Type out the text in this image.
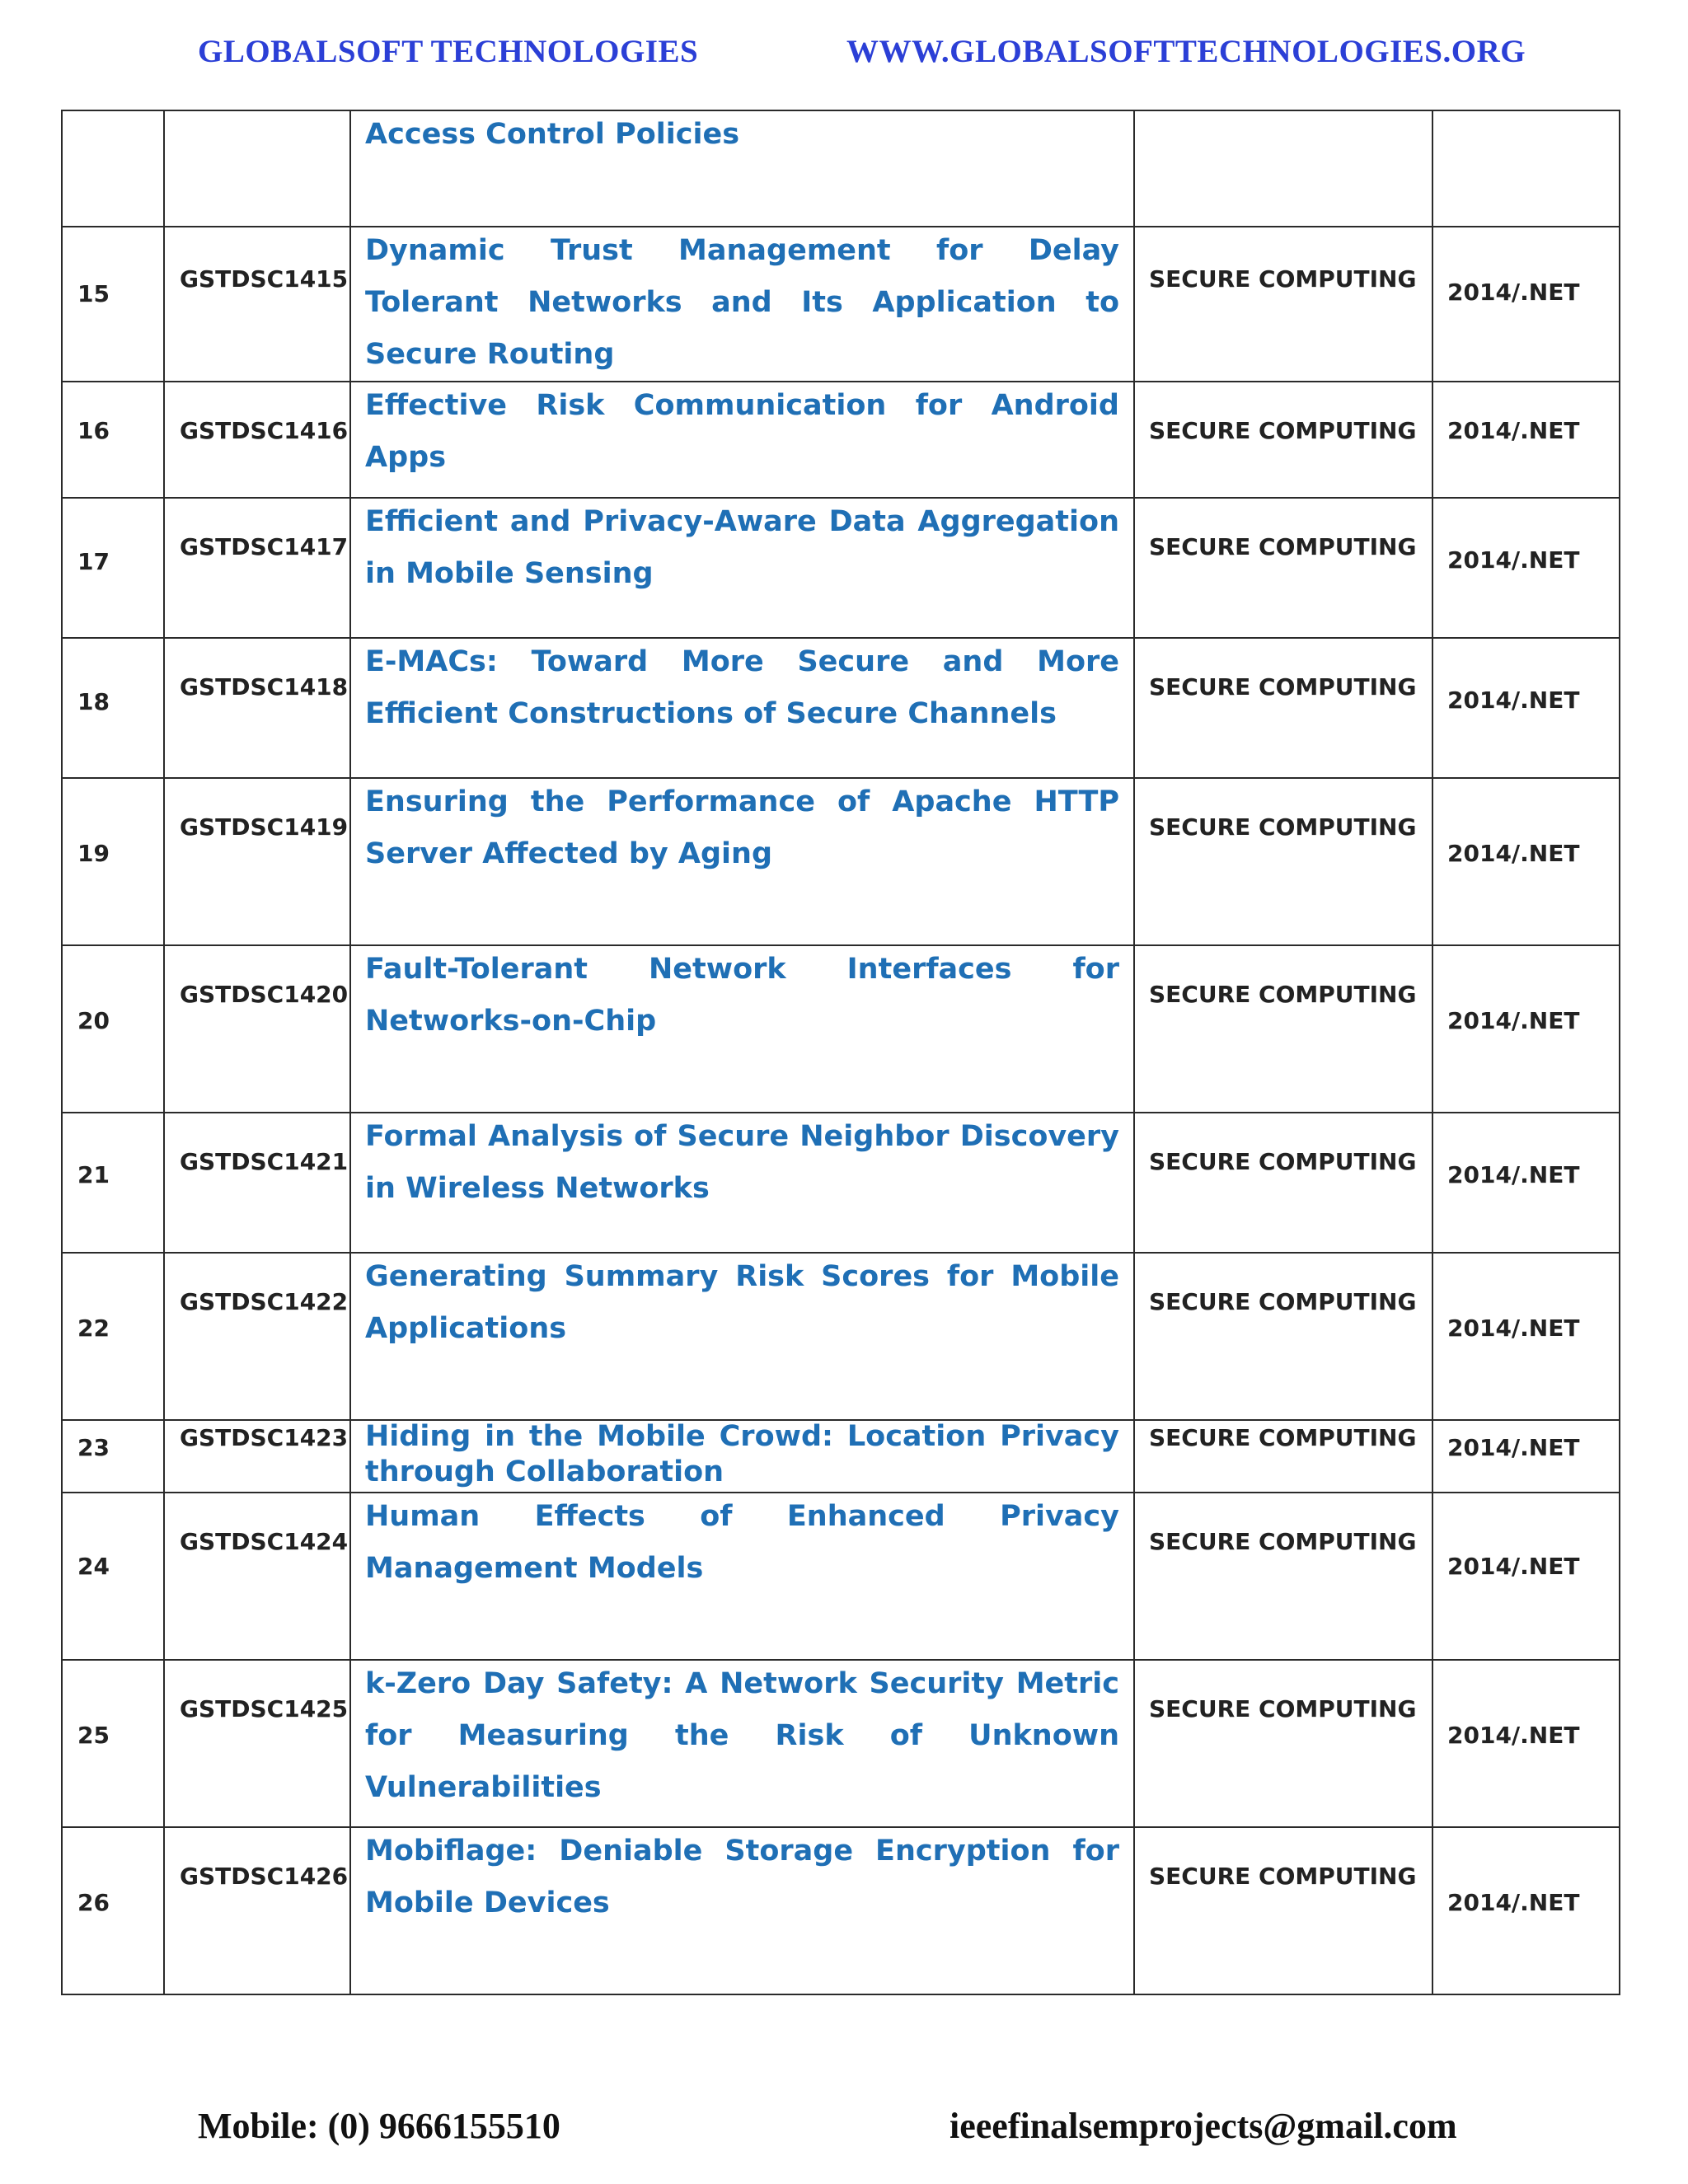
GLOBALSOFT TECHNOLOGIES	WWW.GLOBALSOFTTECHNOLOGIES.ORG

		Access Control Policies		

15	GSTDSC1415	Dynamic Trust Management for Delay Tolerant Networks and Its Application to Secure Routing	SECURE COMPUTING	2014/.NET

16	GSTDSC1416	Effective Risk Communication for Android Apps	SECURE COMPUTING	2014/.NET

17	GSTDSC1417	Efficient and Privacy-Aware Data Aggregation in Mobile Sensing	SECURE COMPUTING	2014/.NET

18	GSTDSC1418	E-MACs: Toward More Secure and More Efficient Constructions of Secure Channels	SECURE COMPUTING	2014/.NET

19	GSTDSC1419	Ensuring the Performance of Apache HTTP Server Affected by Aging	SECURE COMPUTING	2014/.NET

20	GSTDSC1420	Fault-Tolerant Network Interfaces for Networks-on-Chip	SECURE COMPUTING	2014/.NET

21	GSTDSC1421	Formal Analysis of Secure Neighbor Discovery in Wireless Networks	SECURE COMPUTING	2014/.NET

22	GSTDSC1422	Generating Summary Risk Scores for Mobile Applications	SECURE COMPUTING	2014/.NET

23	GSTDSC1423	Hiding in the Mobile Crowd: Location Privacy through Collaboration	SECURE COMPUTING	2014/.NET

24	GSTDSC1424	Human Effects of Enhanced Privacy Management Models	SECURE COMPUTING	2014/.NET

25	GSTDSC1425	k-Zero Day Safety: A Network Security Metric for Measuring the Risk of Unknown Vulnerabilities	SECURE COMPUTING	2014/.NET

26	GSTDSC1426	Mobiflage: Deniable Storage Encryption for Mobile Devices	SECURE COMPUTING	2014/.NET
Mobile: (0) 9666155510	ieeefinalsemprojects@gmail.com
